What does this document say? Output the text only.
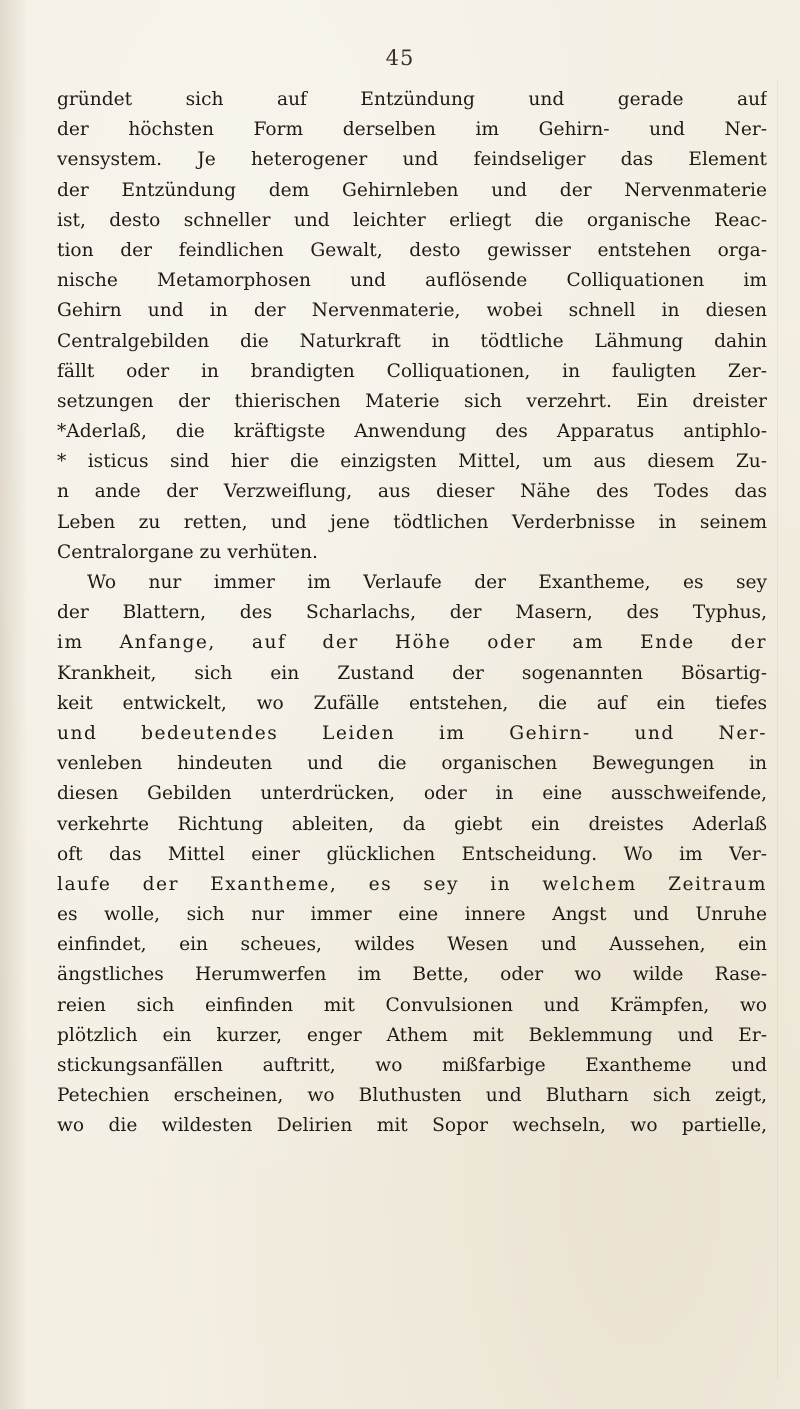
45
gründet sich auf Entzündung und gerade auf
der höchsten Form derselben im Gehirn- und Ner-
vensystem. Je heterogener und feindseliger das Element
der Entzündung dem Gehirnleben und der Nervenmaterie
ist, desto schneller und leichter erliegt die organische Reac-
tion der feindlichen Gewalt, desto gewisser entstehen orga-
nische Metamorphosen und auflösende Colliquationen im
Gehirn und in der Nervenmaterie, wobei schnell in diesen
Centralgebilden die Naturkraft in tödtliche Lähmung dahin
fällt oder in brandigten Colliquationen, in fauligten Zer-
setzungen der thierischen Materie sich verzehrt. Ein dreister
*Aderlaß, die kräftigste Anwendung des Apparatus antiphlo-
* isticus sind hier die einzigsten Mittel, um aus diesem Zu-
n ande der Verzweiflung, aus dieser Nähe des Todes das
Leben zu retten, und jene tödtlichen Verderbnisse in seinem
Centralorgane zu verhüten.
Wo nur immer im Verlaufe der Exantheme, es sey
der Blattern, des Scharlachs, der Masern, des Typhus,
im Anfange, auf der Höhe oder am Ende der
Krankheit, sich ein Zustand der sogenannten Bösartig-
keit entwickelt, wo Zufälle entstehen, die auf ein tiefes
und bedeutendes Leiden im Gehirn- und Ner-
venleben hindeuten und die organischen Bewegungen in
diesen Gebilden unterdrücken, oder in eine ausschweifende,
verkehrte Richtung ableiten, da giebt ein dreistes Aderlaß
oft das Mittel einer glücklichen Entscheidung. Wo im Ver-
laufe der Exantheme, es sey in welchem Zeitraum
es wolle, sich nur immer eine innere Angst und Unruhe
einfindet, ein scheues, wildes Wesen und Aussehen, ein
ängstliches Herumwerfen im Bette, oder wo wilde Rase-
reien sich einfinden mit Convulsionen und Krämpfen, wo
plötzlich ein kurzer, enger Athem mit Beklemmung und Er-
stickungsanfällen auftritt, wo mißfarbige Exantheme und
Petechien erscheinen, wo Bluthusten und Blutharn sich zeigt,
wo die wildesten Delirien mit Sopor wechseln, wo partielle,
